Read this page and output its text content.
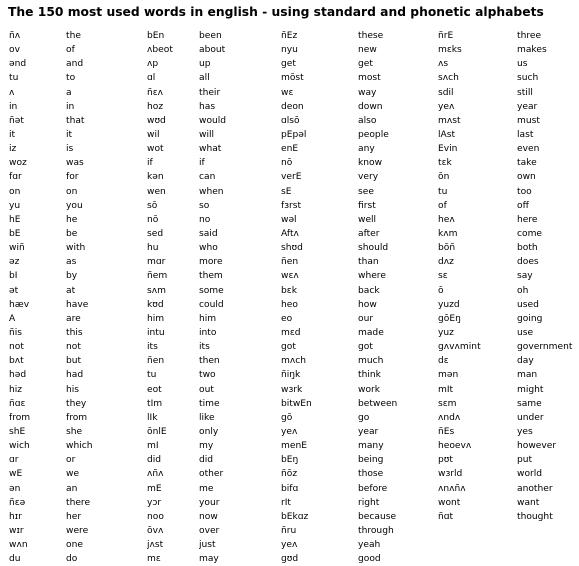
The 150 most used words in english - using standard and phonetic alphabets
ñʌ
ov
ənd
tu
ʌ
in
ñət
it
iz
woz
fɑr
on
yu
hE
bE
wiñ
əz
bI
ət
hæv
A
ñis
not
bʌt
həd
hiz
ñɑɛ
from
shE
wiсh
ɑr
wE
ən
ñɛə
hɪr
wɪr
wʌn
du
the
of
and
to
a
in
that
it
is
was
for
on
you
he
be
with
as
by
at
have
are
this
not
but
had
his
they
from
she
which
or
we
an
there
her
were
one
do
bEn
ʌbeot
ʌp
ɑl
ñɛʌ
hoz
wʊd
wil
wot
if
kən
wen
sō
nō
sed
hu
mɑr
ñem
sʌm
kʊd
him
intu
its
ñen
tu
eot
tIm
lIk
ōnlE
mI
did
ʌñʌ
mE
yɔr
noo
ōvʌ
jʌst
mε
been
about
up
all
their
has
would
will
what
if
can
when
so
no
said
who
more
them
some
could
him
into
its
then
two
out
time
like
only
my
did
other
me
your
now
over
just
may
ñEz
nyu
get
mōst
wɛ
deon
ɑlsō
pEpəl
enE
nō
verE
sE
fɜrst
wəl
Aftʌ
shʊd
ñen
wɛʌ
bɛk
heo
eo
mɛd
got
mʌсh
ñiŋk
wɜrk
bitwEn
gō
yeʌ
menE
bEŋ
ñōz
bifɑ
rIt
bEkɑz
ñru
yeʌ
gʊd
these
new
get
most
way
down
also
people
any
know
very
see
first
well
after
should
than
where
back
how
our
made
got
much
think
work
between
go
year
many
being
those
before
right
because
through
yeah
good
ñrE
mɛks
ʌs
sʌсh
sdil
yeʌ
mʌst
lAst
Evin
tɛk
ōn
tu
of
heʌ
kʌm
bōñ
dʌz
sɛ
ō
yuzd
gōEŋ
yuz
gʌvʌmint
dɛ
mən
mIt
sɛm
ʌndʌ
ñEs
heoevʌ
pʊt
wɜrld
ʌnʌñʌ
wont
ñɑt
three
makes
us
such
still
year
must
last
even
take
own
too
off
here
come
both
does
say
oh
used
going
use
government
day
man
might
same
under
yes
however
put
world
another
want
thought
